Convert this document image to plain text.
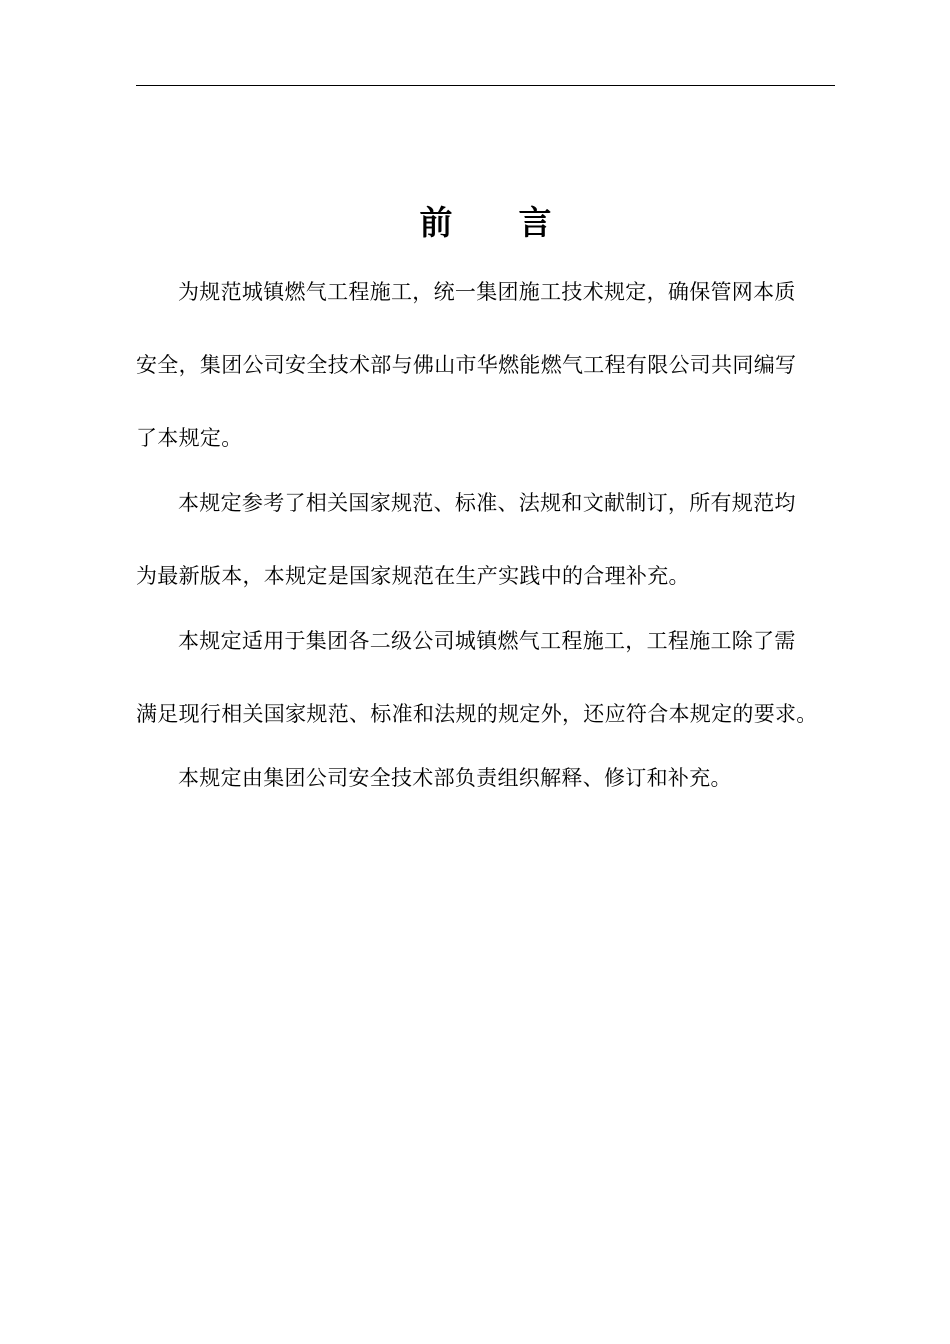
前 言

为规范城镇燃气工程施工，统一集团施工技术规定，确保管网本质
安全，集团公司安全技术部与佛山市华燃能燃气工程有限公司共同编写
了本规定。

本规定参考了相关国家规范、标准、法规和文献制订，所有规范均
为最新版本，本规定是国家规范在生产实践中的合理补充。

本规定适用于集团各二级公司城镇燃气工程施工，工程施工除了需
满足现行相关国家规范、标准和法规的规定外，还应符合本规定的要求。

本规定由集团公司安全技术部负责组织解释、修订和补充。
